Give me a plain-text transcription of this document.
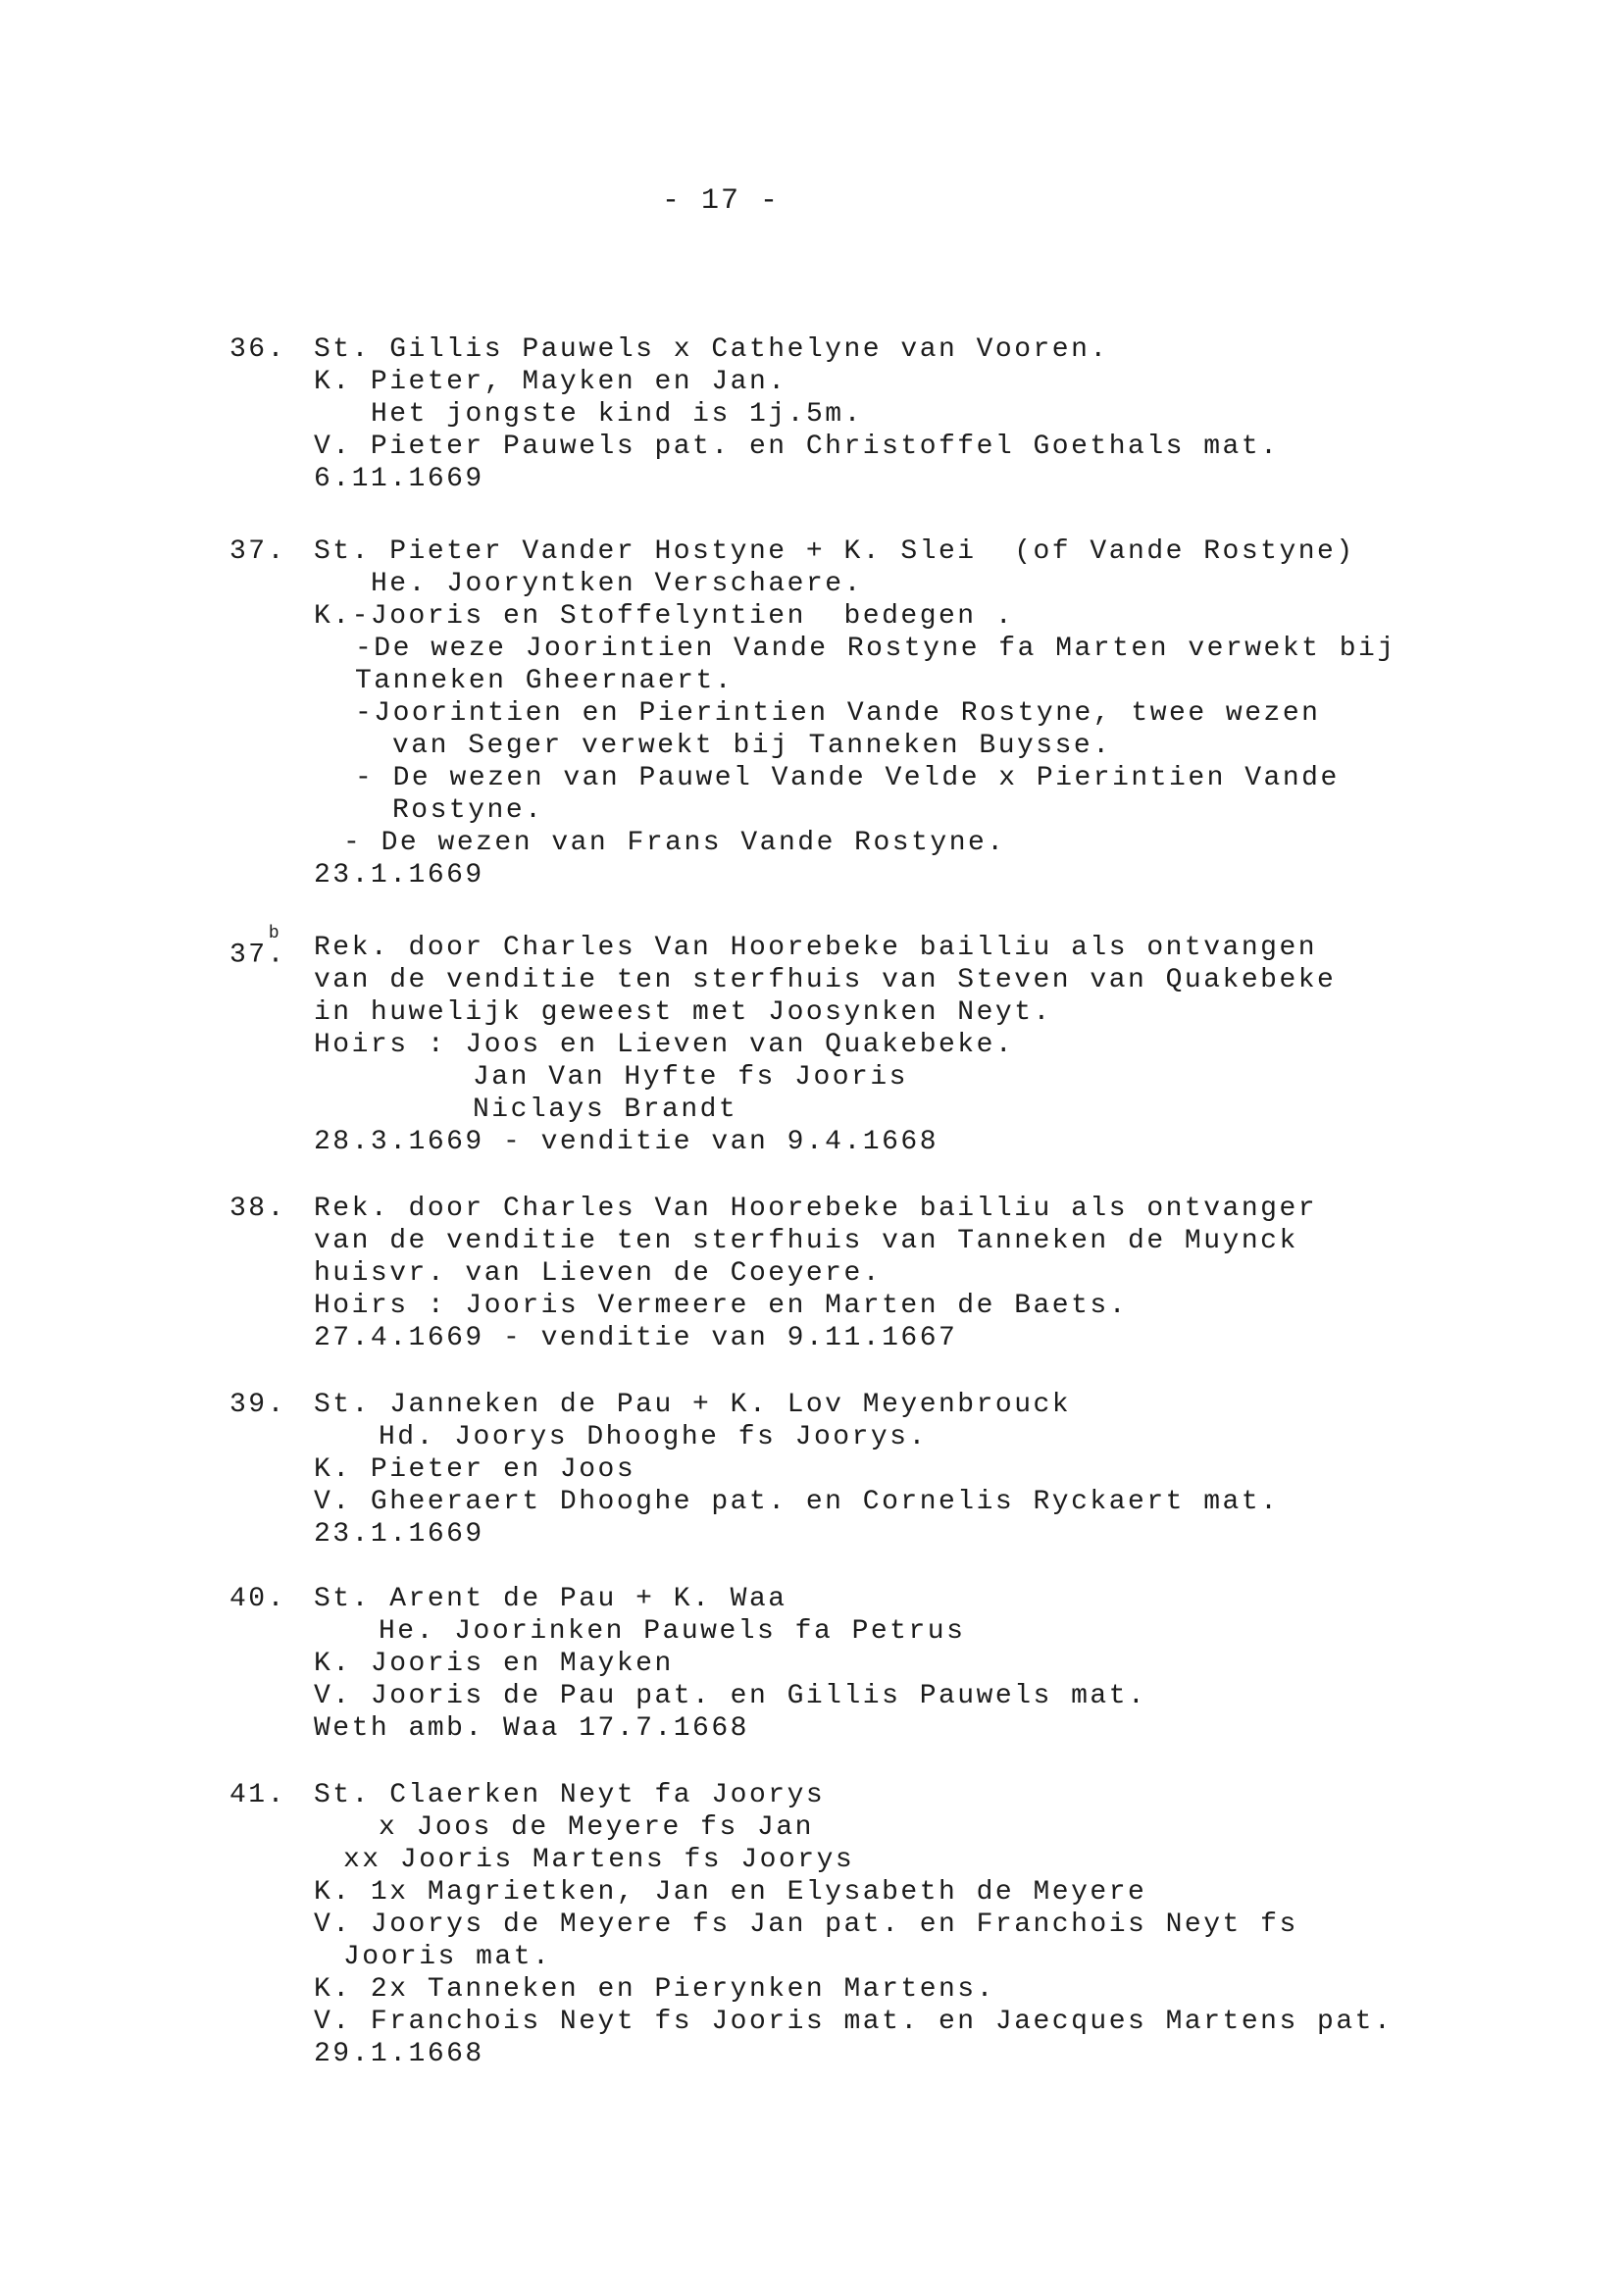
- 17 -
36. St. Gillis Pauwels x Cathelyne van Vooren.
K. Pieter, Mayken en Jan.
Het jongste kind is 1j.5m.
V. Pieter Pauwels pat. en Christoffel Goethals mat.
6.11.1669
37. St. Pieter Vander Hostyne + K. Slei  (of Vande Rostyne)
He. Jooryntken Verschaere.
K.-Jooris en Stoffelyntien  bedegen .
-De weze Joorintien Vande Rostyne fa Marten verwekt bij
Tanneken Gheernaert.
-Joorintien en Pierintien Vande Rostyne, twee wezen
van Seger verwekt bij Tanneken Buysse.
- De wezen van Pauwel Vande Velde x Pierintien Vande
Rostyne.
- De wezen van Frans Vande Rostyne.
23.1.1669
37.$^b$ Rek. door Charles Van Hoorebeke bailliu als ontvangen
van de venditie ten sterfhuis van Steven van Quakebeke
in huwelijk geweest met Joosynken Neyt.
Hoirs : Joos en Lieven van Quakebeke.
Jan Van Hyfte fs Jooris
Niclays Brandt
28.3.1669 - venditie van 9.4.1668
38. Rek. door Charles Van Hoorebeke bailliu als ontvanger
van de venditie ten sterfhuis van Tanneken de Muynck
huisvr. van Lieven de Coeyere.
Hoirs : Jooris Vermeere en Marten de Baets.
27.4.1669 - venditie van 9.11.1667
39. St. Janneken de Pau + K. Lov Meyenbrouck
Hd. Joorys Dhooghe fs Joorys.
K. Pieter en Joos
V. Gheeraert Dhooghe pat. en Cornelis Ryckaert mat.
23.1.1669
40. St. Arent de Pau + K. Waa
He. Joorinken Pauwels fa Petrus
K. Jooris en Mayken
V. Jooris de Pau pat. en Gillis Pauwels mat.
Weth amb. Waa 17.7.1668
41. St. Claerken Neyt fa Joorys
x Joos de Meyere fs Jan
xx Jooris Martens fs Joorys
K. 1x Magrietken, Jan en Elysabeth de Meyere
V. Joorys de Meyere fs Jan pat. en Franchois Neyt fs
Jooris mat.
K. 2x Tanneken en Pierynken Martens.
V. Franchois Neyt fs Jooris mat. en Jaecques Martens pat.
29.1.1668
